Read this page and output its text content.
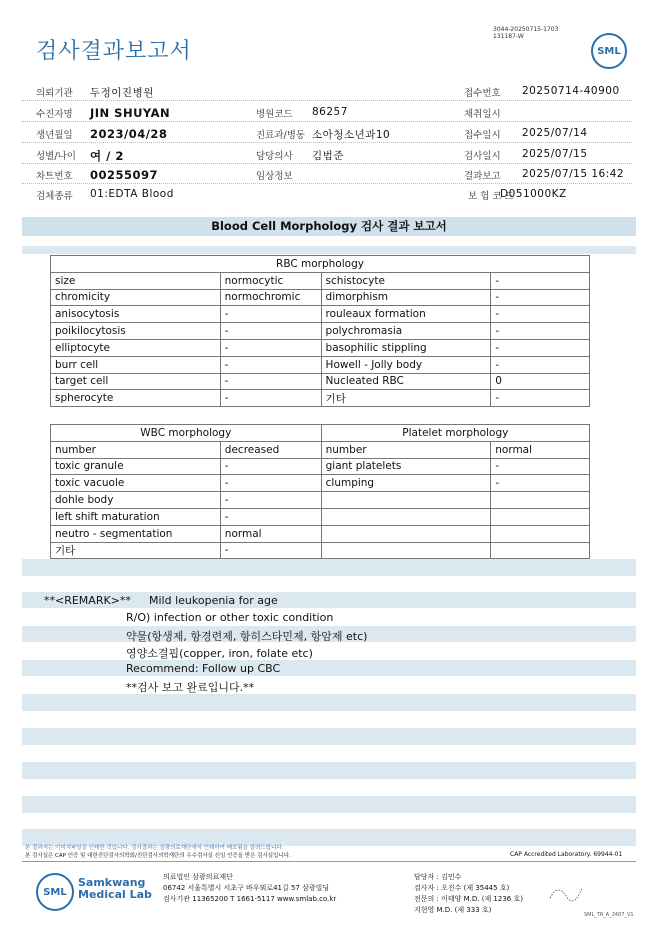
검사결과보고서
3044-20250715-1703
131187-W
SML
의뢰기관 두정이진병원	접수번호 20250714-40900
수진자명 JIN SHUYAN	병원코드 86257	채취일시
생년월일 2023/04/28	진료과/병동 소아청소년과10	접수일시 2025/07/14
성별/나이 여 / 2	담당의사 김범준	검사일시 2025/07/15
차트번호 00255097	임상정보	결과보고 2025/07/15 16:42
검체종류 01:EDTA Blood	보 험 코 드
D051000KZ
Blood Cell Morphology 검사 결과 보고서
RBC morphology			
size	normocytic	schistocyte	-
chromicity	normochromic	dimorphism	-
anisocytosis	-	rouleaux formation	-
poikilocytosis	-	polychromasia	-
elliptocyte	-	basophilic stippling	-
burr cell	-	Howell - Jolly body	-
target cell	-	Nucleated RBC	0
spherocyte	-	기타	-
WBC morphology		Platelet morphology	
number	decreased	number	normal
toxic granule	-	giant platelets	-
toxic vacuole	-	clumping	-
dohle body	-		
left shift maturation	-		
neutro - segmentation	normal		
기타	-		
**<REMARK>** Mild leukopenia for age
R/O) infection or other toxic condition
약물(항생제, 항경련제, 항히스타민제, 항암제 etc)
영양소결핍(copper, iron, folate etc)
Recommend: Follow up CBC
**검사 보고 완료입니다.**
본 결과지는 이미지파일을 인쇄한 것입니다. 검사결과는 삼광의료재단에서 인쇄하여 배포됨을 알려드립니다.
본 검사실은 CAP 인증 및 대한진단검사의학회/진단검사의학재단의 우수검사실 신임 인증을 받은 검사실입니다.	CAP Accredited Laboratory. 69944-01
SML
Samkwang
Medical Lab
의료법인 삼광의료재단
06742 서울특별시 서초구 바우뫼로41길 57 삼광빌딩
검사기관 11365200 T 1661-5117 www.smlab.co.kr
담당자 : 김민수
검사자 : 오진수 (제 35445 호)
전문의 : 이태양 M.D. (제 1236 호)
지현영 M.D. (제 333 호)
SML_TR_A_2407_V1
